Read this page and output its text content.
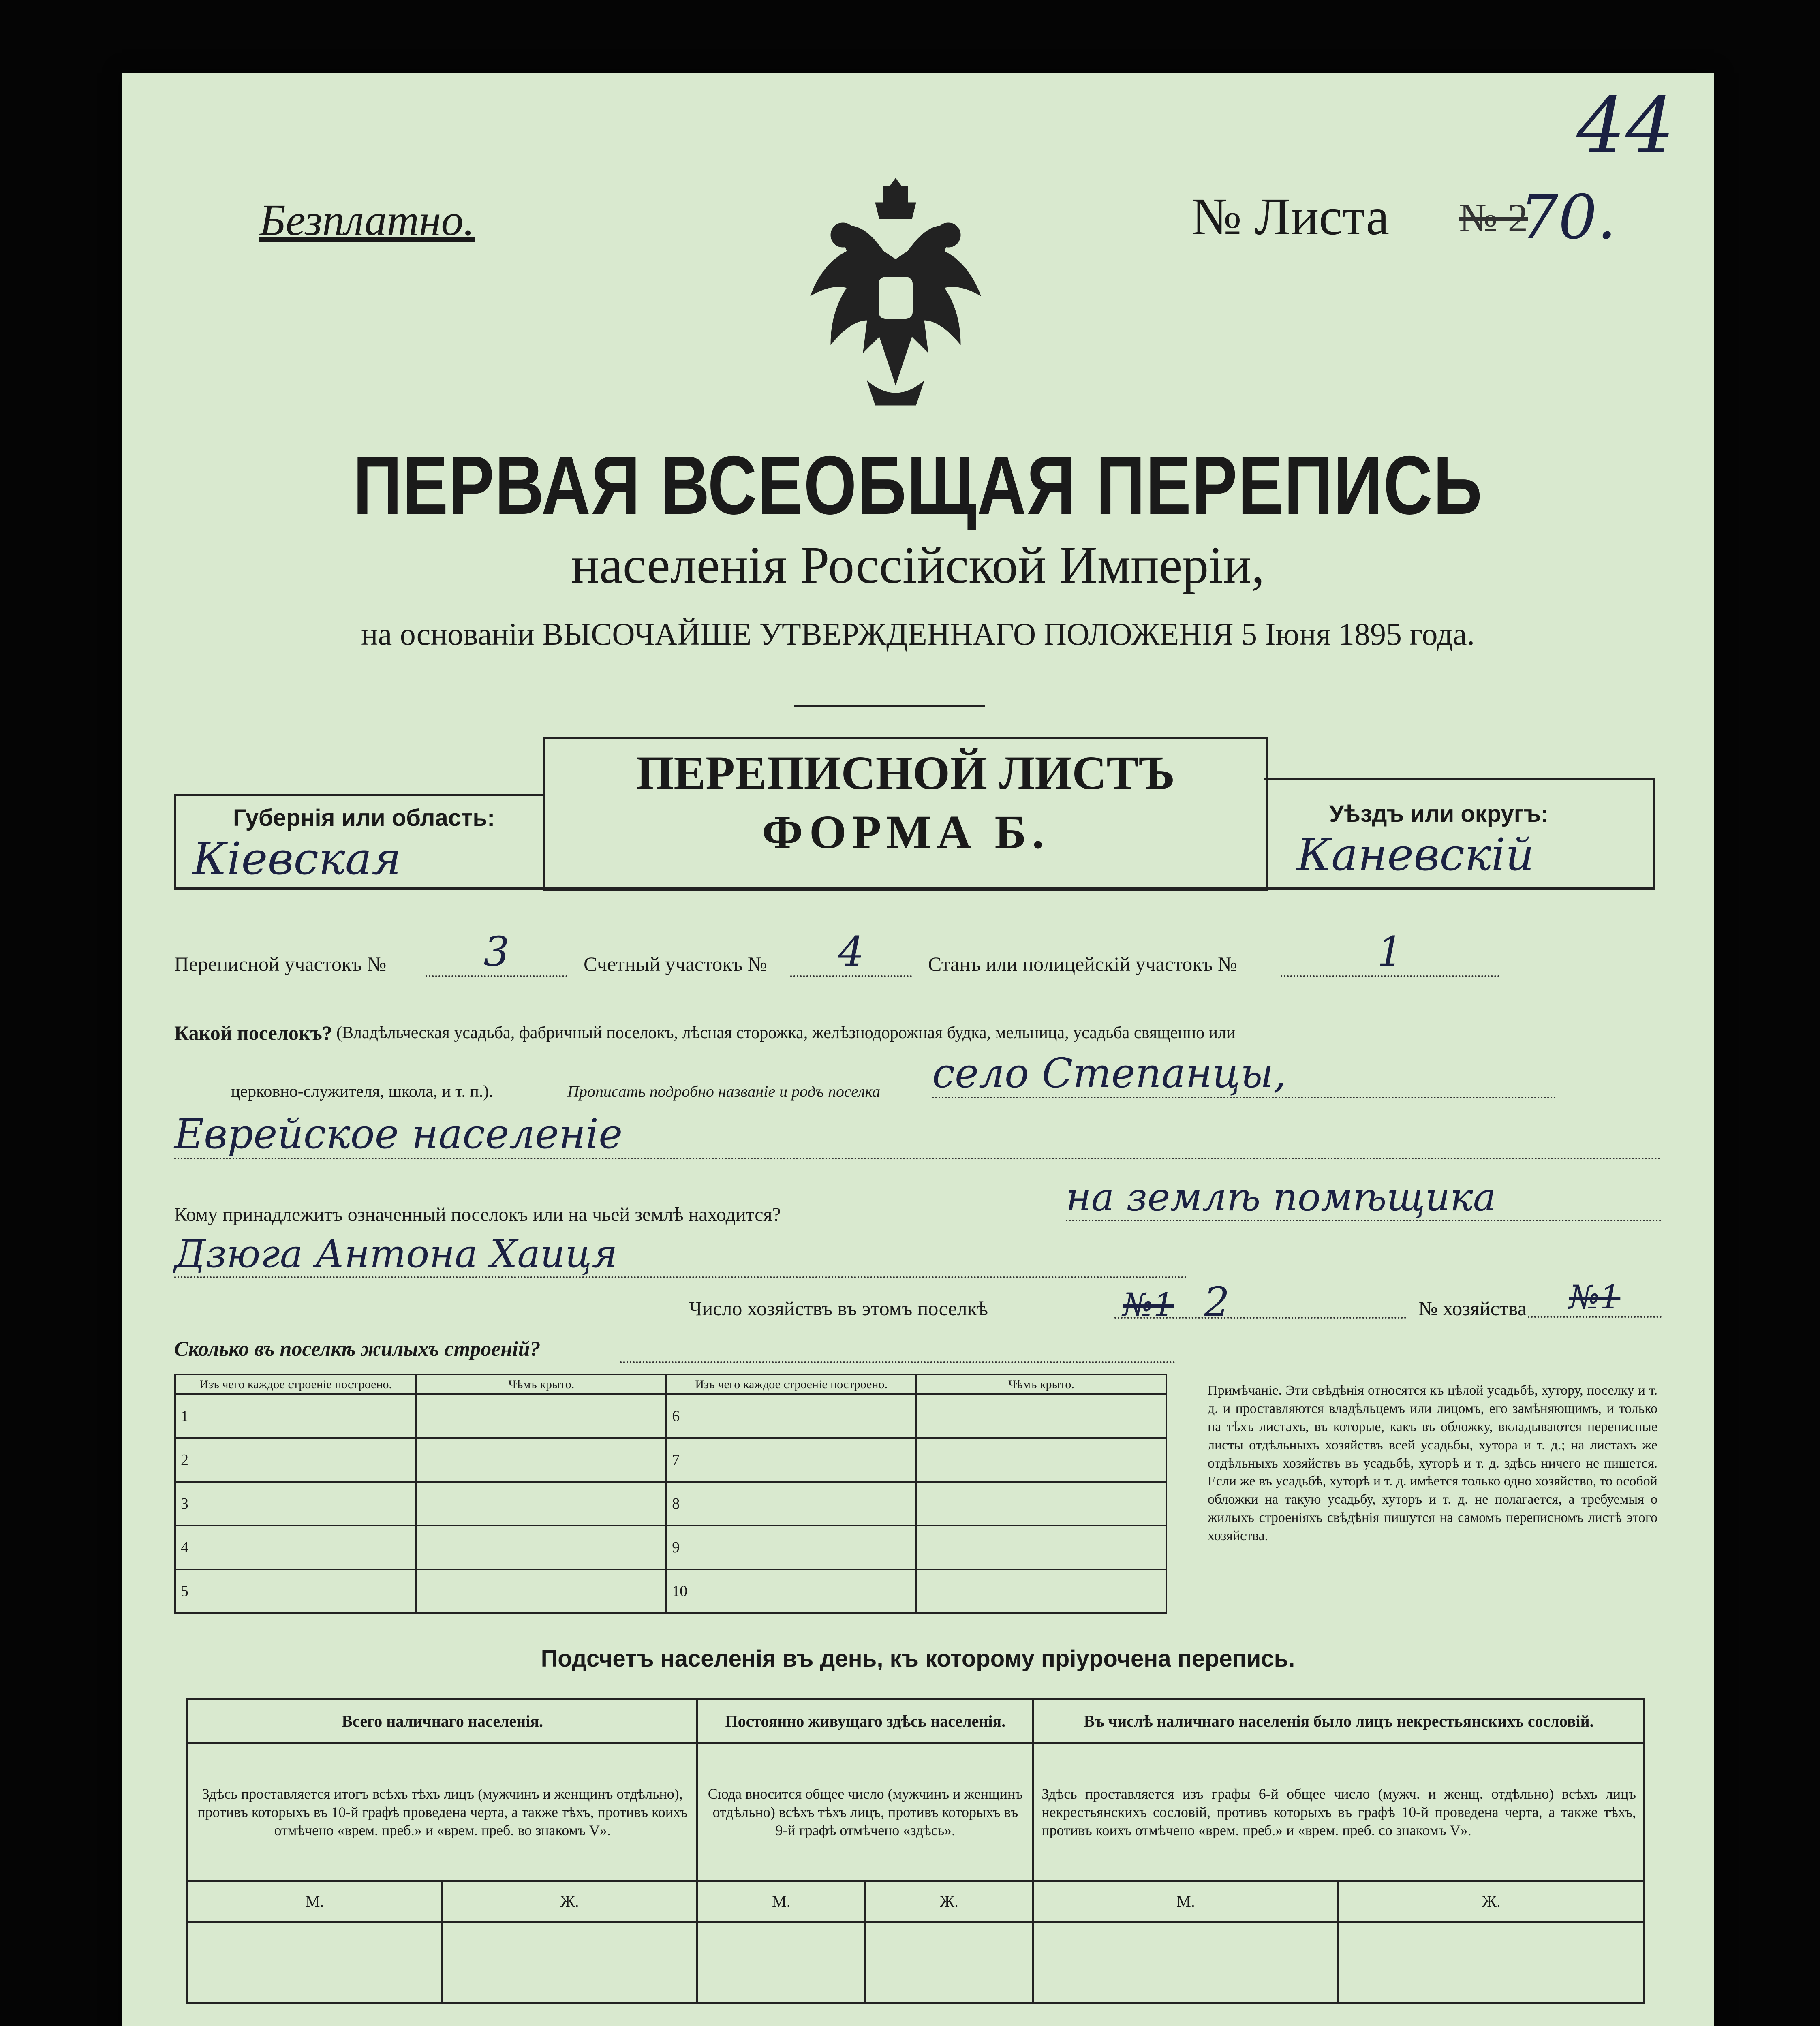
44
Безплатно.	№ Листа № 2
70.
ПЕРВАЯ ВСЕОБЩАЯ ПЕРЕПИСЬ
населенія Россійской Имперіи,
на основаніи ВЫСОЧАЙШЕ УТВЕРЖДЕННАГО ПОЛОЖЕНІЯ 5 Іюня 1895 года.
ПЕРЕПИСНОЙ ЛИСТЪ
ФОРМА Б.
Губернія или область:
Кіевская
Уѣздъ или округъ:
Каневскій
Переписной участокъ №	3	Счетный участокъ №	4	Станъ или полицейскій участокъ №	1
Какой поселокъ? (Владѣльческая усадьба, фабричный поселокъ, лѣсная сторожка, желѣзнодорожная будка, мельница, усадьба священно или
церковно-служителя, школа, и т. п.).	Прописать подробно названіе и родъ поселка село Степанцы,
Еврейское населеніе
Кому принадлежитъ означенный поселокъ или на чьей землѣ находится?	на землѣ помѣщика
Дзюга Антона Хаиця
Число хозяйствъ въ этомъ поселкѣ	№1 2	№ хозяйства	№1
Сколько въ поселкѣ жилыхъ строеній?
Изъ чего каждое строеніе построено.	Чѣмъ крыто.	Изъ чего каждое строеніе построено.	Чѣмъ крыто.
1		6	
2		7	
3		8	
4		9	
5		10	
Примѣчаніе. Эти свѣдѣнія относятся къ цѣлой усадьбѣ, хутору, поселку и т. д. и проставляются владѣльцемъ или лицомъ, его замѣняющимъ, и только на тѣхъ листахъ, въ которые, какъ въ обложку, вкладываются переписные листы отдѣльныхъ хозяйствъ всей усадьбы, хутора и т. д.; на листахъ же отдѣльныхъ хозяйствъ въ усадьбѣ, хуторѣ и т. д. здѣсь ничего не пишется. Если же въ усадьбѣ, хуторѣ и т. д. имѣется только одно хозяйство, то особой обложки на такую усадьбу, хуторъ и т. д. не полагается, а требуемыя о жилыхъ строеніяхъ свѣдѣнія пишутся на самомъ переписномъ листѣ этого хозяйства.
Подсчетъ населенія въ день, къ которому пріурочена перепись.
Всего наличнаго населенія.		Постоянно живущаго здѣсь населенія.		Въ числѣ наличнаго населенія было лицъ некрестьянскихъ сословій.	
Здѣсь проставляется итогъ всѣхъ тѣхъ лицъ (мужчинъ и женщинъ отдѣльно), противъ которыхъ въ 10-й графѣ проведена черта, а также тѣхъ, противъ коихъ отмѣчено «врем. преб.» и «врем. преб. во знакомъ V».		Сюда вносится общее число (мужчинъ и женщинъ отдѣльно) всѣхъ тѣхъ лицъ, противъ которыхъ въ 9-й графѣ отмѣчено «здѣсь».		Здѣсь проставляется изъ графы 6-й общее число (мужч. и женщ. отдѣльно) всѣхъ лицъ некрестьянскихъ сословій, противъ которыхъ въ графѣ 10-й проведена черта, а также тѣхъ, противъ коихъ отмѣчено «врем. преб.» и «врем. преб. со знакомъ V».	
М.	Ж.	М.	Ж.	М.	Ж.
